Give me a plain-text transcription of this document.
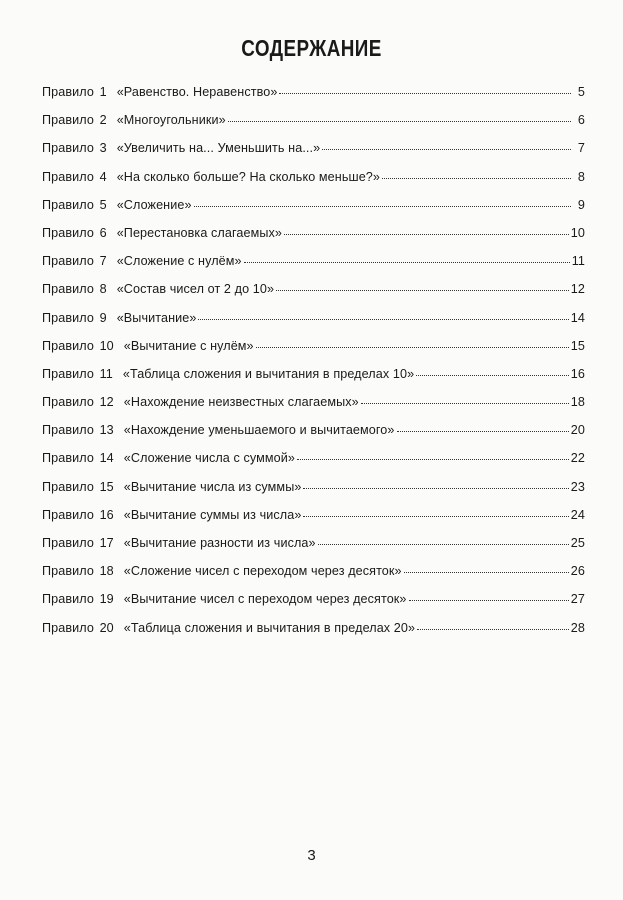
СОДЕРЖАНИЕ
Правило 1 «Равенство. Неравенство»	5
Правило 2 «Многоугольники»	6
Правило 3 «Увеличить на... Уменьшить на...»	7
Правило 4 «На сколько больше? На сколько меньше?»	8
Правило 5 «Сложение»	9
Правило 6 «Перестановка слагаемых»	10
Правило 7 «Сложение с нулём»	11
Правило 8 «Состав чисел от 2 до 10»	12
Правило 9 «Вычитание»	14
Правило 10 «Вычитание с нулём»	15
Правило 11 «Таблица сложения и вычитания в пределах 10»	16
Правило 12 «Нахождение неизвестных слагаемых»	18
Правило 13 «Нахождение уменьшаемого и вычитаемого»	20
Правило 14 «Сложение числа с суммой»	22
Правило 15 «Вычитание числа из суммы»	23
Правило 16 «Вычитание суммы из числа»	24
Правило 17 «Вычитание разности из числа»	25
Правило 18 «Сложение чисел с переходом через десяток»	26
Правило 19 «Вычитание чисел с переходом через десяток»	27
Правило 20 «Таблица сложения и вычитания в пределах 20»	28
3
